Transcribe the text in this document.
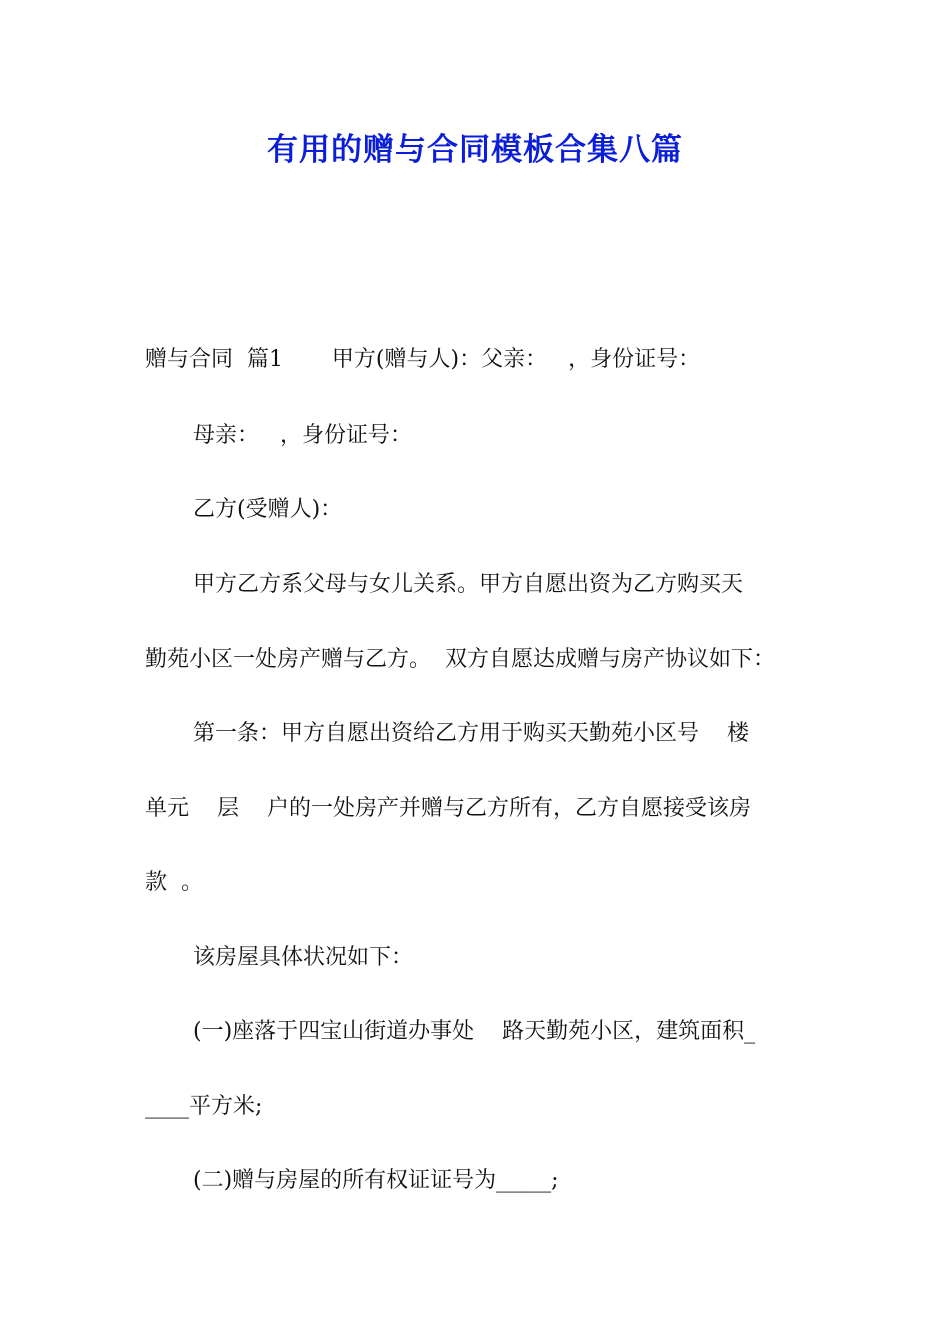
有用的赠与合同模板合集八篇
赠与合同  篇1       甲方(赠与人)：父亲：   ，身份证号：
母亲：   ，身份证号：
乙方(受赠人)：
甲方乙方系父母与女儿关系。甲方自愿出资为乙方购买天
勤苑小区一处房产赠与乙方。  双方自愿达成赠与房产协议如下：
第一条：甲方自愿出资给乙方用于购买天勤苑小区号    楼
单元    层    户的一处房产并赠与乙方所有，乙方自愿接受该房
款  。
该房屋具体状况如下：
(一)座落于四宝山街道办事处    路天勤苑小区，建筑面积_
____平方米;
(二)赠与房屋的所有权证证号为_____;
